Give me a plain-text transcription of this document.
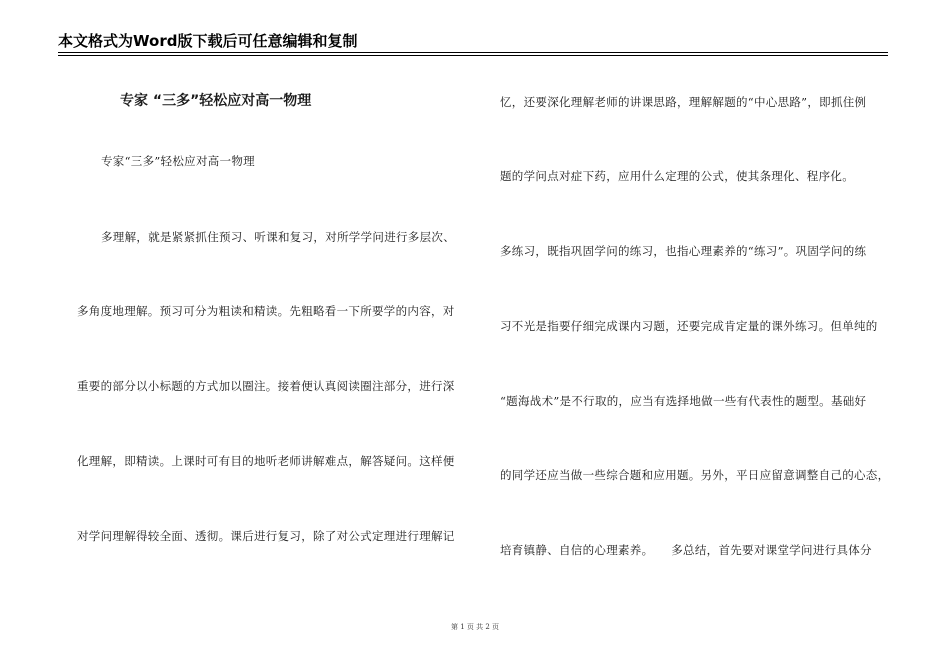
本文格式为Word版下载后可任意编辑和复制
专家 “三多”轻松应对高一物理
专家“三多”轻松应对高一物理
多理解，就是紧紧抓住预习、听课和复习，对所学学问进行多层次、
多角度地理解。预习可分为粗读和精读。先粗略看一下所要学的内容，对
重要的部分以小标题的方式加以圈注。接着便认真阅读圈注部分，进行深
化理解，即精读。上课时可有目的地听老师讲解难点，解答疑问。这样便
对学问理解得较全面、透彻。课后进行复习，除了对公式定理进行理解记
忆，还要深化理解老师的讲课思路，理解解题的“中心思路”，即抓住例
题的学问点对症下药，应用什么定理的公式，使其条理化、程序化。
多练习，既指巩固学问的练习，也指心理素养的“练习”。巩固学问的练
习不光是指要仔细完成课内习题，还要完成肯定量的课外练习。但单纯的
“题海战术”是不行取的，应当有选择地做一些有代表性的题型。基础好
的同学还应当做一些综合题和应用题。另外，平日应留意调整自己的心态，
培育镇静、自信的心理素养。　　多总结，首先要对课堂学问进行具体分
第 1 页 共 2 页
